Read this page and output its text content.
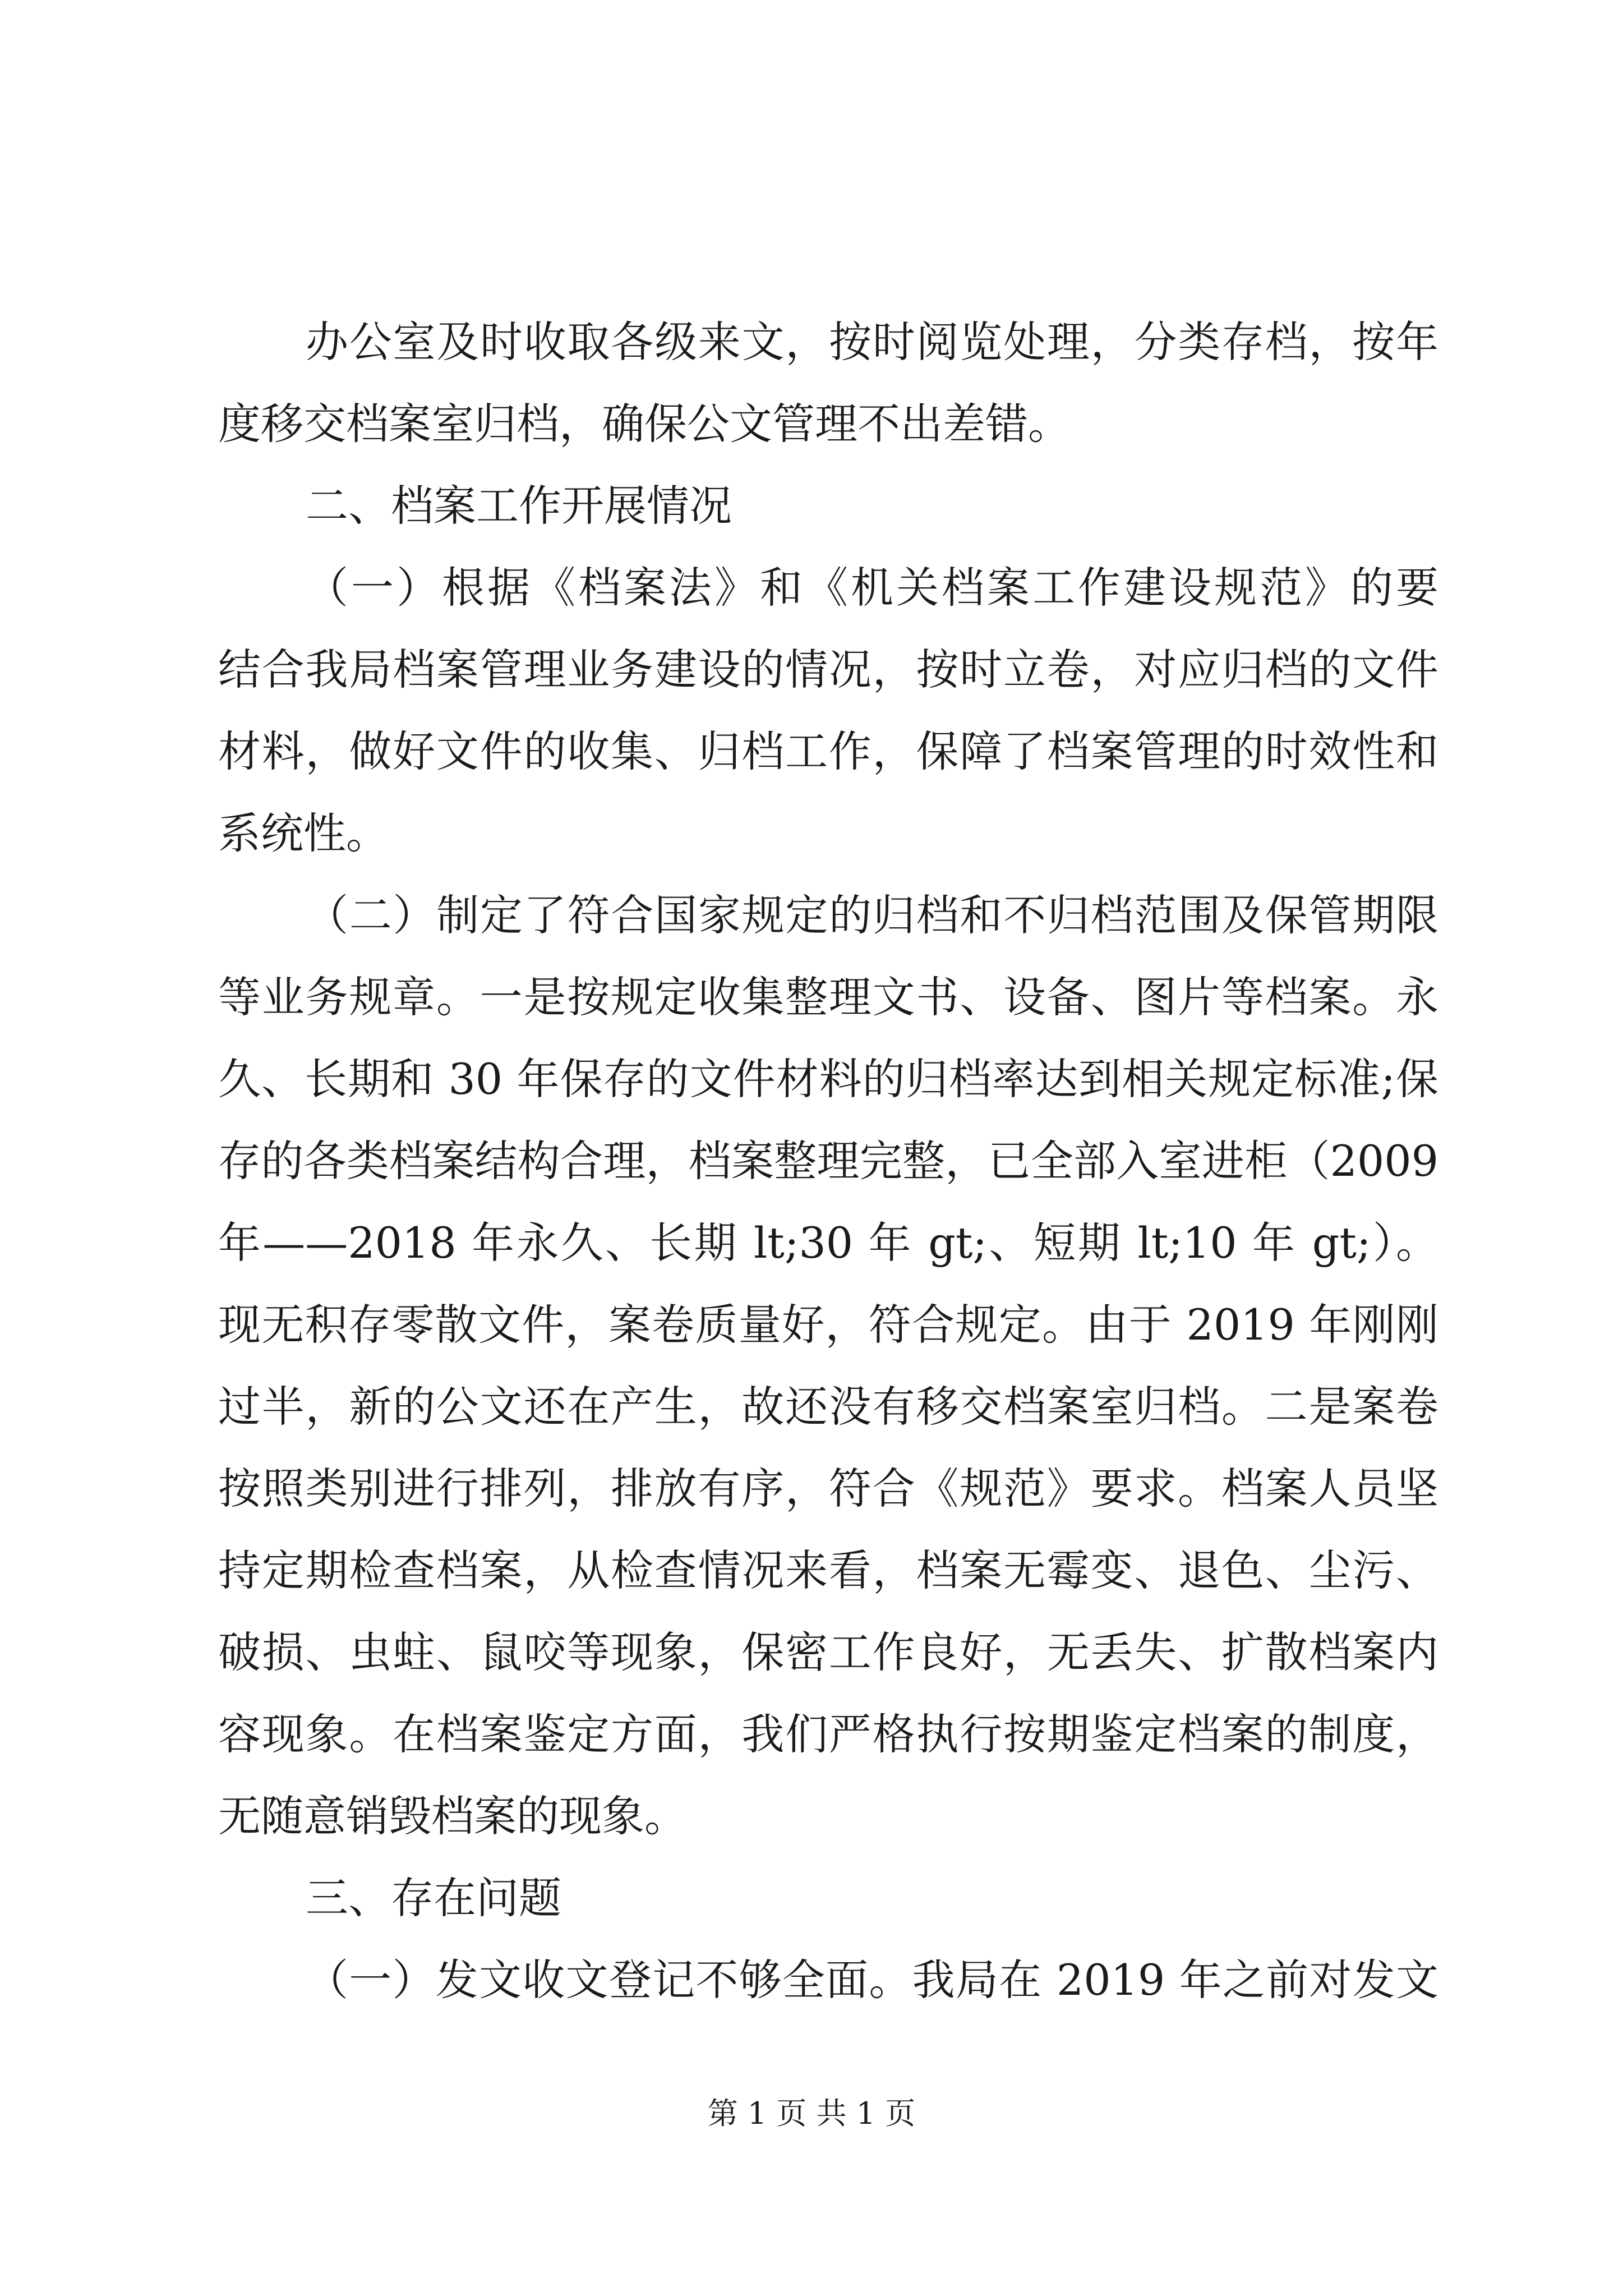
办公室及时收取各级来文，按时阅览处理，分类存档，按年
度移交档案室归档，确保公文管理不出差错。
二、档案工作开展情况
（一）根据《档案法》和《机关档案工作建设规范》的要
结合我局档案管理业务建设的情况，按时立卷，对应归档的文件
材料，做好文件的收集、归档工作，保障了档案管理的时效性和
系统性。
（二）制定了符合国家规定的归档和不归档范围及保管期限
等业务规章。一是按规定收集整理文书、设备、图片等档案。永
久、长期和 30 年保存的文件材料的归档率达到相关规定标准;保
存的各类档案结构合理，档案整理完整，已全部入室进柜（2009
年——2018 年永久、长期 lt;30 年 gt;、短期 lt;10 年 gt;）。
现无积存零散文件，案卷质量好，符合规定。由于 2019 年刚刚
过半，新的公文还在产生，故还没有移交档案室归档。二是案卷
按照类别进行排列，排放有序，符合《规范》要求。档案人员坚
持定期检查档案，从检查情况来看，档案无霉变、退色、尘污、
破损、虫蛀、鼠咬等现象，保密工作良好，无丢失、扩散档案内
容现象。在档案鉴定方面，我们严格执行按期鉴定档案的制度，
无随意销毁档案的现象。
三、存在问题
（一）发文收文登记不够全面。我局在 2019 年之前对发文
第 1 页 共 1 页
